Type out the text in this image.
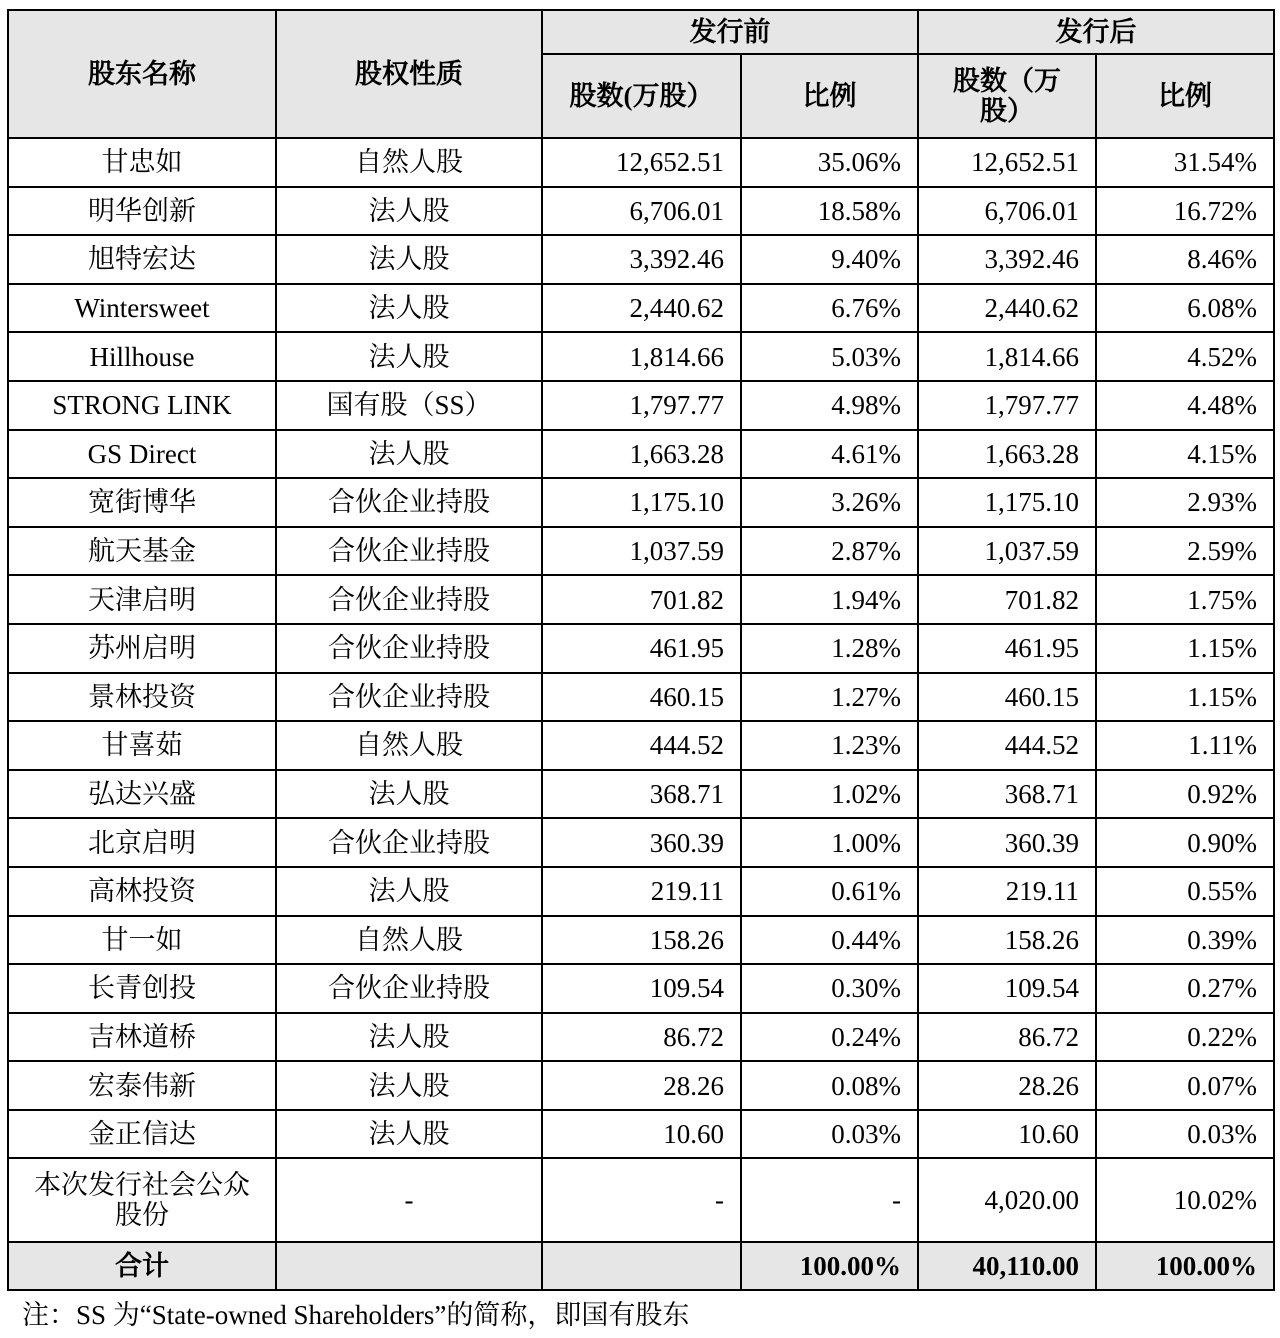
股东名称	股权性质	发行前		发行后	
		股数(万股）	比例	股数（万股）	比例
甘忠如	自然人股	12,652.51	35.06%	12,652.51	31.54%
明华创新	法人股	6,706.01	18.58%	6,706.01	16.72%
旭特宏达	法人股	3,392.46	9.40%	3,392.46	8.46%
Wintersweet	法人股	2,440.62	6.76%	2,440.62	6.08%
Hillhouse	法人股	1,814.66	5.03%	1,814.66	4.52%
STRONG LINK	国有股（SS）	1,797.77	4.98%	1,797.77	4.48%
GS Direct	法人股	1,663.28	4.61%	1,663.28	4.15%
宽街博华	合伙企业持股	1,175.10	3.26%	1,175.10	2.93%
航天基金	合伙企业持股	1,037.59	2.87%	1,037.59	2.59%
天津启明	合伙企业持股	701.82	1.94%	701.82	1.75%
苏州启明	合伙企业持股	461.95	1.28%	461.95	1.15%
景林投资	合伙企业持股	460.15	1.27%	460.15	1.15%
甘喜茹	自然人股	444.52	1.23%	444.52	1.11%
弘达兴盛	法人股	368.71	1.02%	368.71	0.92%
北京启明	合伙企业持股	360.39	1.00%	360.39	0.90%
高林投资	法人股	219.11	0.61%	219.11	0.55%
甘一如	自然人股	158.26	0.44%	158.26	0.39%
长青创投	合伙企业持股	109.54	0.30%	109.54	0.27%
吉林道桥	法人股	86.72	0.24%	86.72	0.22%
宏泰伟新	法人股	28.26	0.08%	28.26	0.07%
金正信达	法人股	10.60	0.03%	10.60	0.03%
本次发行社会公众股份	-	-	-	4,020.00	10.02%
合计			100.00%	40,110.00	100.00%
注：SS 为“State-owned Shareholders”的简称，即国有股东
